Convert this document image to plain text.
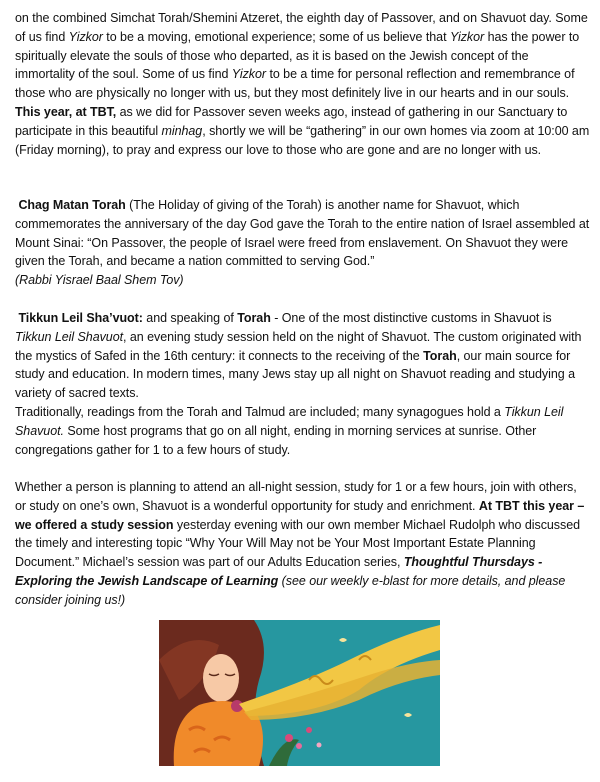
on the combined Simchat Torah/Shemini Atzeret, the eighth day of Passover, and on Shavuot day. Some of us find Yizkor to be a moving, emotional experience; some of us believe that Yizkor has the power to spiritually elevate the souls of those who departed, as it is based on the Jewish concept of the immortality of the soul. Some of us find Yizkor to be a time for personal reflection and remembrance of those who are physically no longer with us, but they most definitely live in our hearts and in our souls. This year, at TBT, as we did for Passover seven weeks ago, instead of gathering in our Sanctuary to participate in this beautiful minhag, shortly we will be “gathering” in our own homes via zoom at 10:00 am (Friday morning), to pray and express our love to those who are gone and are no longer with us.

Chag Matan Torah (The Holiday of giving of the Torah) is another name for Shavuot, which commemorates the anniversary of the day God gave the Torah to the entire nation of Israel assembled at Mount Sinai: “On Passover, the people of Israel were freed from enslavement. On Shavuot they were given the Torah, and became a nation committed to serving God.”
(Rabbi Yisrael Baal Shem Tov)

Tikkun Leil Sha’vuot: and speaking of Torah - One of the most distinctive customs in Shavuot is Tikkun Leil Shavuot, an evening study session held on the night of Shavuot. The custom originated with the mystics of Safed in the 16th century: it connects to the receiving of the Torah, our main source for study and education. In modern times, many Jews stay up all night on Shavuot reading and studying a variety of sacred texts.

Traditionally, readings from the Torah and Talmud are included; many synagogues hold a Tikkun Leil Shavuot. Some host programs that go on all night, ending in morning services at sunrise. Other congregations gather for 1 to a few hours of study.

Whether a person is planning to attend an all-night session, study for 1 or a few hours, join with others, or study on one’s own, Shavuot is a wonderful opportunity for study and enrichment. At TBT this year – we offered a study session yesterday evening with our own member Michael Rudolph who discussed the timely and interesting topic “Why Your Will May not be Your Most Important Estate Planning Document.” Michael’s session was part of our Adults Education series, Thoughtful Thursdays - Exploring the Jewish Landscape of Learning (see our weekly e-blast for more details, and please consider joining us!)
